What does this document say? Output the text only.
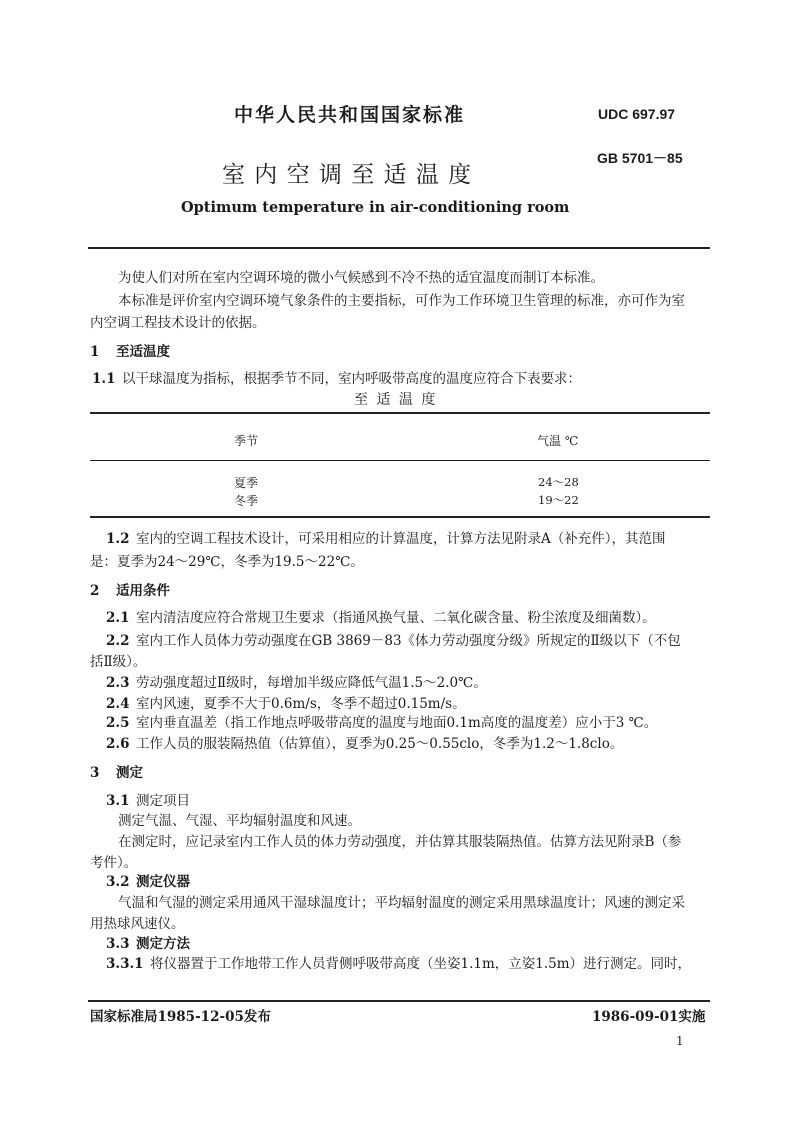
中华人民共和国国家标准	UDC 697.97
GB 5701－85
室 内 空 调 至 适 温 度
Optimum temperature in air-conditioning room
为使人们对所在室内空调环境的微小气候感到不冷不热的适宜温度而制订本标准。
本标准是评价室内空调环境气象条件的主要指标，可作为工作环境卫生管理的标准，亦可作为室
内空调工程技术设计的依据。
1 至适温度
1.1 以干球温度为指标，根据季节不同，室内呼吸带高度的温度应符合下表要求：
至 适 温 度
季节	气温 ℃
夏季	24～28
冬季	19～22
1.2 室内的空调工程技术设计，可采用相应的计算温度，计算方法见附录A（补充件），其范围
是：夏季为24～29℃，冬季为19.5～22℃。
2 适用条件
2.1 室内清洁度应符合常规卫生要求（指通风换气量、二氧化碳含量、粉尘浓度及细菌数）。
2.2 室内工作人员体力劳动强度在GB 3869－83《体力劳动强度分级》所规定的Ⅱ级以下（不包
括Ⅱ级）。
2.3 劳动强度超过Ⅱ级时，每增加半级应降低气温1.5～2.0℃。
2.4 室内风速，夏季不大于0.6m/s，冬季不超过0.15m/s。
2.5 室内垂直温差（指工作地点呼吸带高度的温度与地面0.1m高度的温度差）应小于3 ℃。
2.6 工作人员的服装隔热值（估算值），夏季为0.25～0.55clo，冬季为1.2～1.8clo。
3 测定
3.1 测定项目
测定气温、气湿、平均辐射温度和风速。
在测定时，应记录室内工作人员的体力劳动强度，并估算其服装隔热值。估算方法见附录B（参
考件）。
3.2 测定仪器
气温和气湿的测定采用通风干湿球温度计；平均辐射温度的测定采用黑球温度计；风速的测定采
用热球风速仪。
3.3 测定方法
3.3.1 将仪器置于工作地带工作人员背侧呼吸带高度（坐姿1.1m，立姿1.5m）进行测定。同时，
国家标准局1985-12-05发布	1986-09-01实施
1
